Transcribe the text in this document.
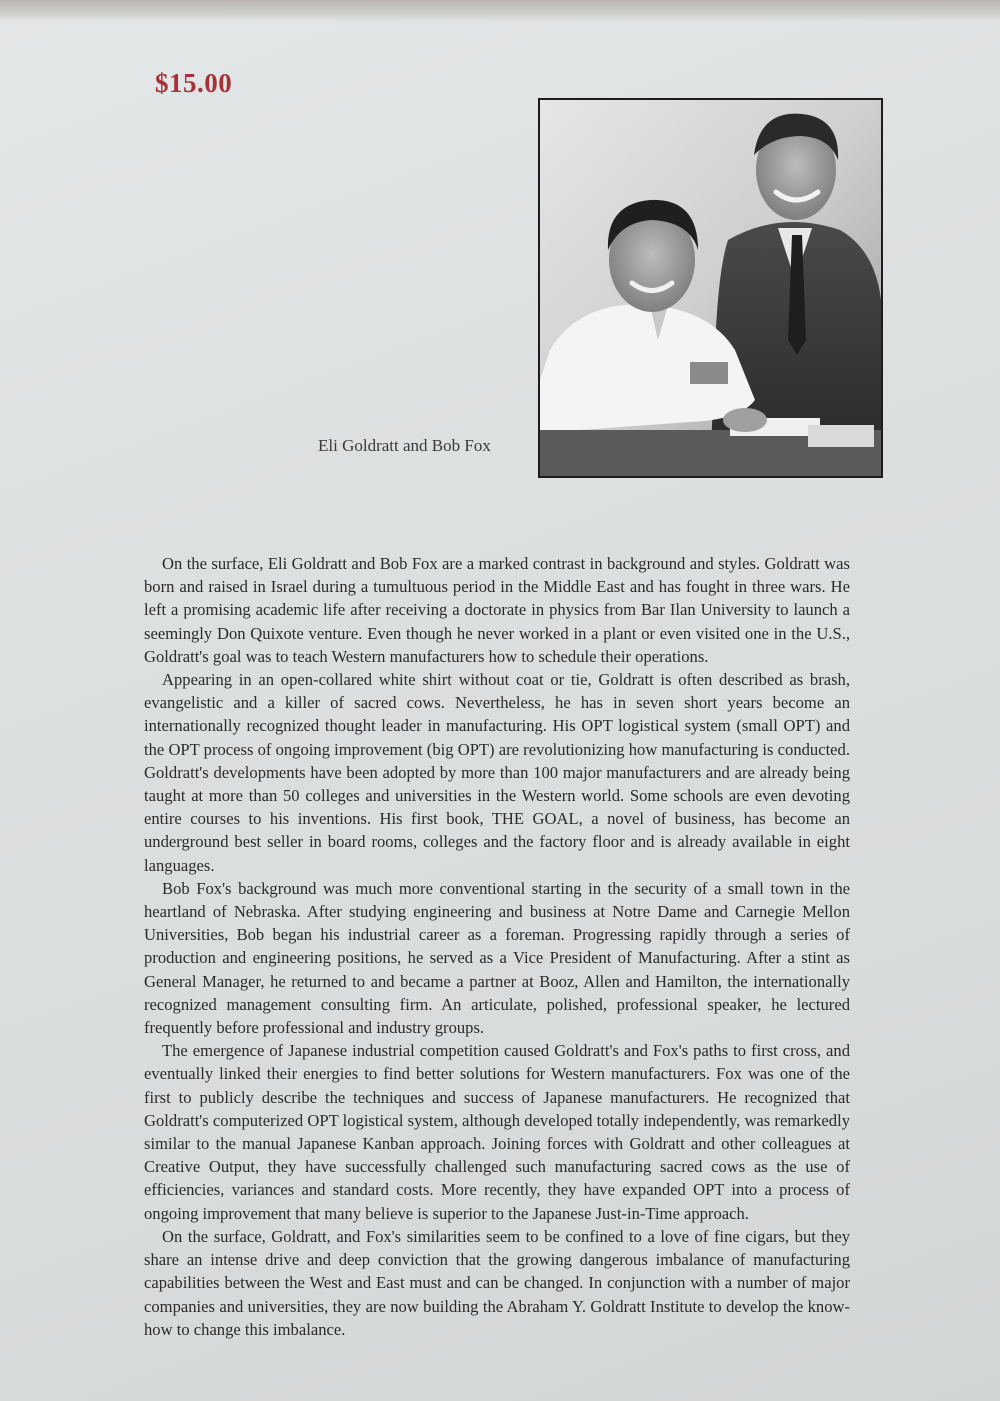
$15.00
Eli Goldratt and Bob Fox

On the surface, Eli Goldratt and Bob Fox are a marked contrast in background and styles. Goldratt was born and raised in Israel during a tumultuous period in the Middle East and has fought in three wars. He left a promising academic life after receiving a doctorate in physics from Bar Ilan University to launch a seemingly Don Quixote venture. Even though he never worked in a plant or even visited one in the U.S., Goldratt's goal was to teach Western manufacturers how to schedule their operations.

Appearing in an open-collared white shirt without coat or tie, Goldratt is often described as brash, evangelistic and a killer of sacred cows. Nevertheless, he has in seven short years become an internationally recognized thought leader in manufacturing. His OPT logistical system (small OPT) and the OPT process of ongoing improvement (big OPT) are revolutionizing how manufacturing is conducted. Goldratt's developments have been adopted by more than 100 major manufacturers and are already being taught at more than 50 colleges and universities in the Western world. Some schools are even devoting entire courses to his inventions. His first book, THE GOAL, a novel of business, has become an underground best seller in board rooms, colleges and the factory floor and is already available in eight languages.

Bob Fox's background was much more conventional starting in the security of a small town in the heartland of Nebraska. After studying engineering and business at Notre Dame and Carnegie Mellon Universities, Bob began his industrial career as a foreman. Progressing rapidly through a series of production and engineering positions, he served as a Vice President of Manufacturing. After a stint as General Manager, he returned to and became a partner at Booz, Allen and Hamilton, the internationally recognized management consulting firm. An articulate, polished, professional speaker, he lectured frequently before professional and industry groups.

The emergence of Japanese industrial competition caused Goldratt's and Fox's paths to first cross, and eventually linked their energies to find better solutions for Western manufacturers. Fox was one of the first to publicly describe the techniques and success of Japanese manufacturers. He recognized that Goldratt's computerized OPT logistical system, although developed totally independently, was remarkedly similar to the manual Japanese Kanban approach. Joining forces with Goldratt and other colleagues at Creative Output, they have successfully challenged such manufacturing sacred cows as the use of efficiencies, variances and standard costs. More recently, they have expanded OPT into a process of ongoing improvement that many believe is superior to the Japanese Just-in-Time approach.

On the surface, Goldratt, and Fox's similarities seem to be confined to a love of fine cigars, but they share an intense drive and deep conviction that the growing dangerous imbalance of manufacturing capabilities between the West and East must and can be changed. In conjunction with a number of major companies and universities, they are now building the Abraham Y. Goldratt Institute to develop the know-how to change this imbalance.
